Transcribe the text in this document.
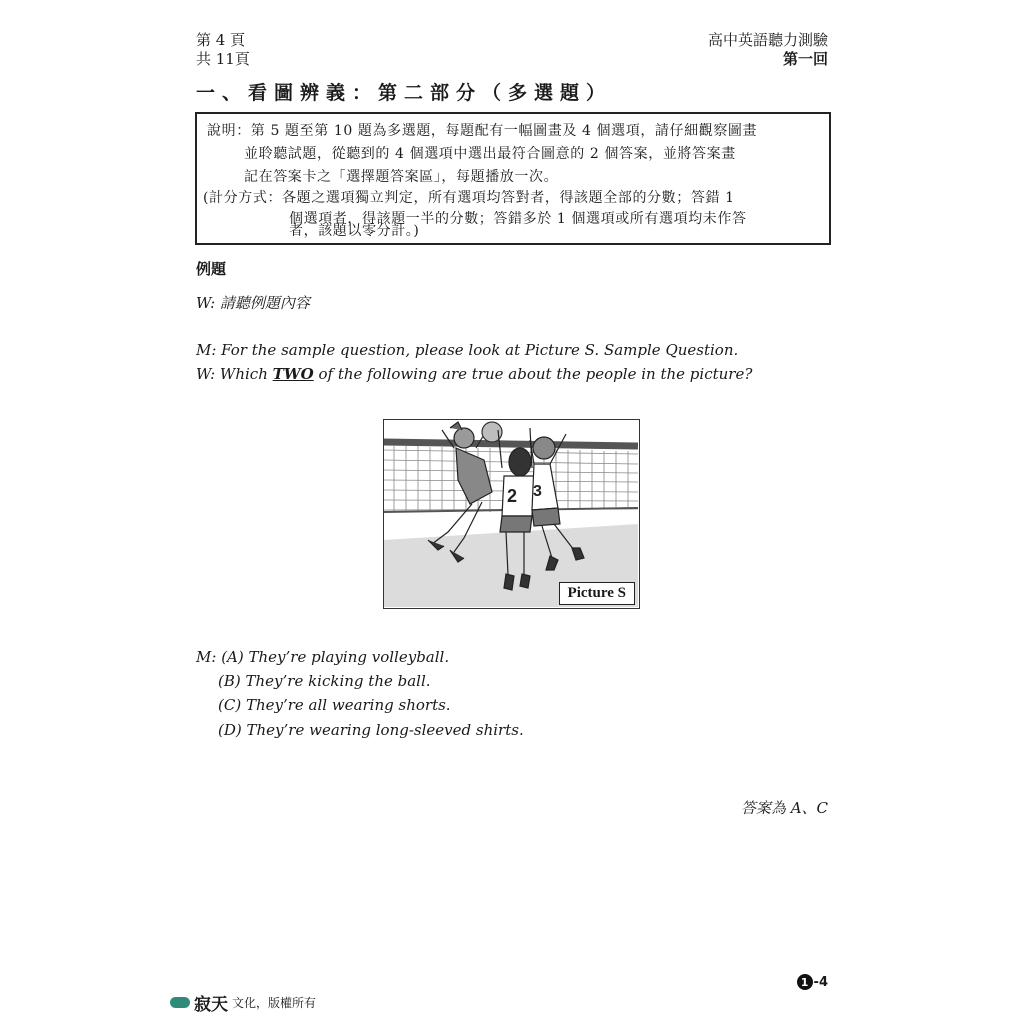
第 4 頁
共 11頁
高中英語聽力測驗
第一回
一、看圖辨義：第二部分（多選題）
說明：第 5 題至第 10 題為多選題，每題配有一幅圖畫及 4 個選項，請仔細觀察圖畫
並聆聽試題，從聽到的 4 個選項中選出最符合圖意的 2 個答案，並將答案畫
記在答案卡之「選擇題答案區」，每題播放一次。
(計分方式：各題之選項獨立判定，所有選項均答對者，得該題全部的分數；答錯 1
個選項者，得該題一半的分數；答錯多於 1 個選項或所有選項均未作答
者，該題以零分計。)
例題
W: 請聽例題內容
M: For the sample question, please look at Picture S. Sample Question.
W: Which TWO of the following are true about the people in the picture?
2 3
Picture S
M: (A) They’re playing volleyball.
(B) They’re kicking the ball.
(C) They’re all wearing shorts.
(D) They’re wearing long-sleeved shirts.
答案為 A、C
寂天 文化，版權所有
1 -4
